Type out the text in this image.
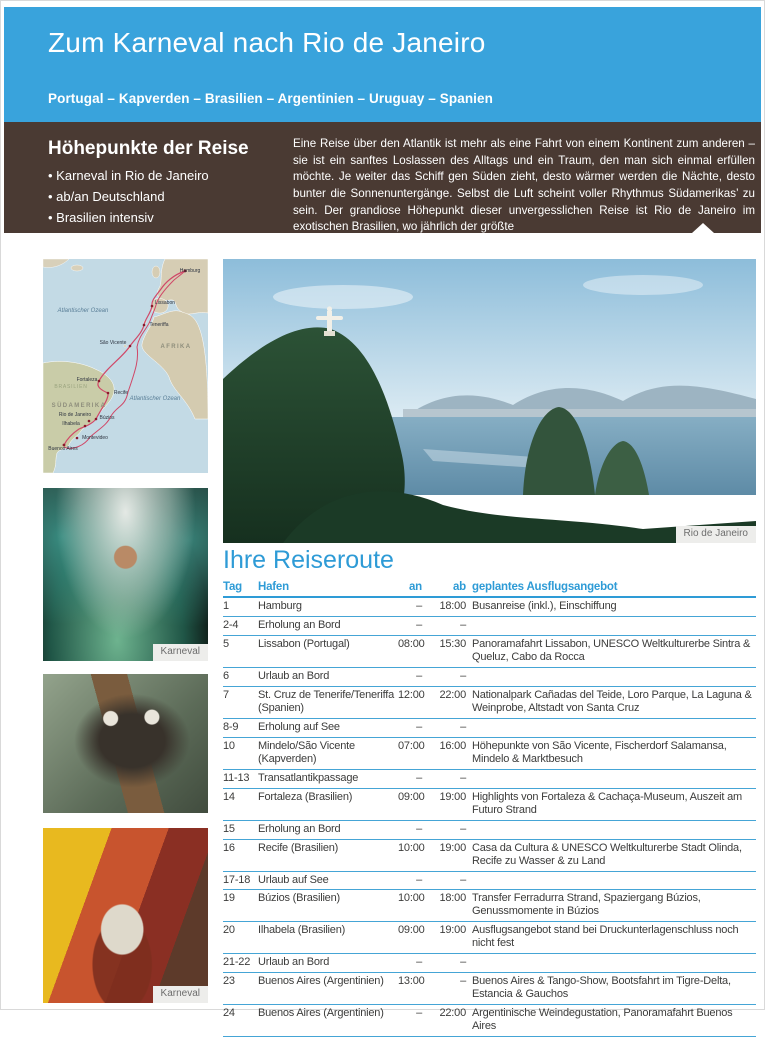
Zum Karneval nach Rio de Janeiro
Portugal – Kapverden – Brasilien – Argentinien – Uruguay – Spanien
Höhepunkte der Reise
• Karneval in Rio de Janeiro
• ab/an Deutschland
• Brasilien intensiv
Eine Reise über den Atlantik ist mehr als eine Fahrt von einem Kontinent zum anderen – sie ist ein sanftes Loslassen des Alltags und ein Traum, den man sich einmal erfüllen möchte. Je weiter das Schiff gen Süden zieht, desto wärmer werden die Nächte, desto bunter die Sonnenuntergänge. Selbst die Luft scheint voller Rhythmus Südamerikas’ zu sein. Der grandiose Höhepunkt dieser unvergesslichen Reise ist Rio de Janeiro im exotischen Brasilien, wo jährlich der größte
Atlantischer Ozean
Atlantischer Ozean
AFRIKA
SÜDAMERIKA
BRASILIEN
Hamburg
Lissabon
Teneriffa
São Vicente
Fortaleza
Recife
Búzios
Rio de Janeiro
Ilhabela
Montevideo
Buenos Aires
Karneval
Karneval
Rio de Janeiro
Ihre Reiseroute
Tag	Hafen	an	ab	geplantes Ausflugsangebot
1	Hamburg	–	18:00	Busanreise (inkl.), Einschiffung
2-4	Erholung an Bord	–	–	
5	Lissabon (Portugal)	08:00	15:30	Panoramafahrt Lissabon, UNESCO Weltkulturerbe Sintra & Queluz, Cabo da Rocca
6	Urlaub an Bord	–	–	
7	St. Cruz de Tenerife/Teneriffa (Spanien)	12:00	22:00	Nationalpark Cañadas del Teide, Loro Parque, La Laguna & Weinprobe, Altstadt von Santa Cruz
8-9	Erholung auf See	–	–	
10	Mindelo/São Vicente (Kapverden)	07:00	16:00	Höhepunkte von São Vicente, Fischerdorf Salamansa, Mindelo & Marktbesuch
11-13	Transatlantikpassage	–	–	
14	Fortaleza (Brasilien)	09:00	19:00	Highlights von Fortaleza & Cachaça-Museum, Auszeit am Futuro Strand
15	Erholung an Bord	–	–	
16	Recife (Brasilien)	10:00	19:00	Casa da Cultura & UNESCO Weltkulturerbe Stadt Olinda, Recife zu Wasser & zu Land
17-18	Urlaub auf See	–	–	
19	Búzios (Brasilien)	10:00	18:00	Transfer Ferradurra Strand, Spaziergang Búzios, Genussmomente in Búzios
20	Ilhabela (Brasilien)	09:00	19:00	Ausflugsangebot stand bei Druckunterlagenschluss noch nicht fest
21-22	Urlaub an Bord	–	–	
23	Buenos Aires (Argentinien)	13:00	–	Buenos Aires & Tango-Show, Bootsfahrt im Tigre-Delta, Estancia & Gauchos
24	Buenos Aires (Argentinien)	–	22:00	Argentinische Weindegustation, Panoramafahrt Buenos Aires
